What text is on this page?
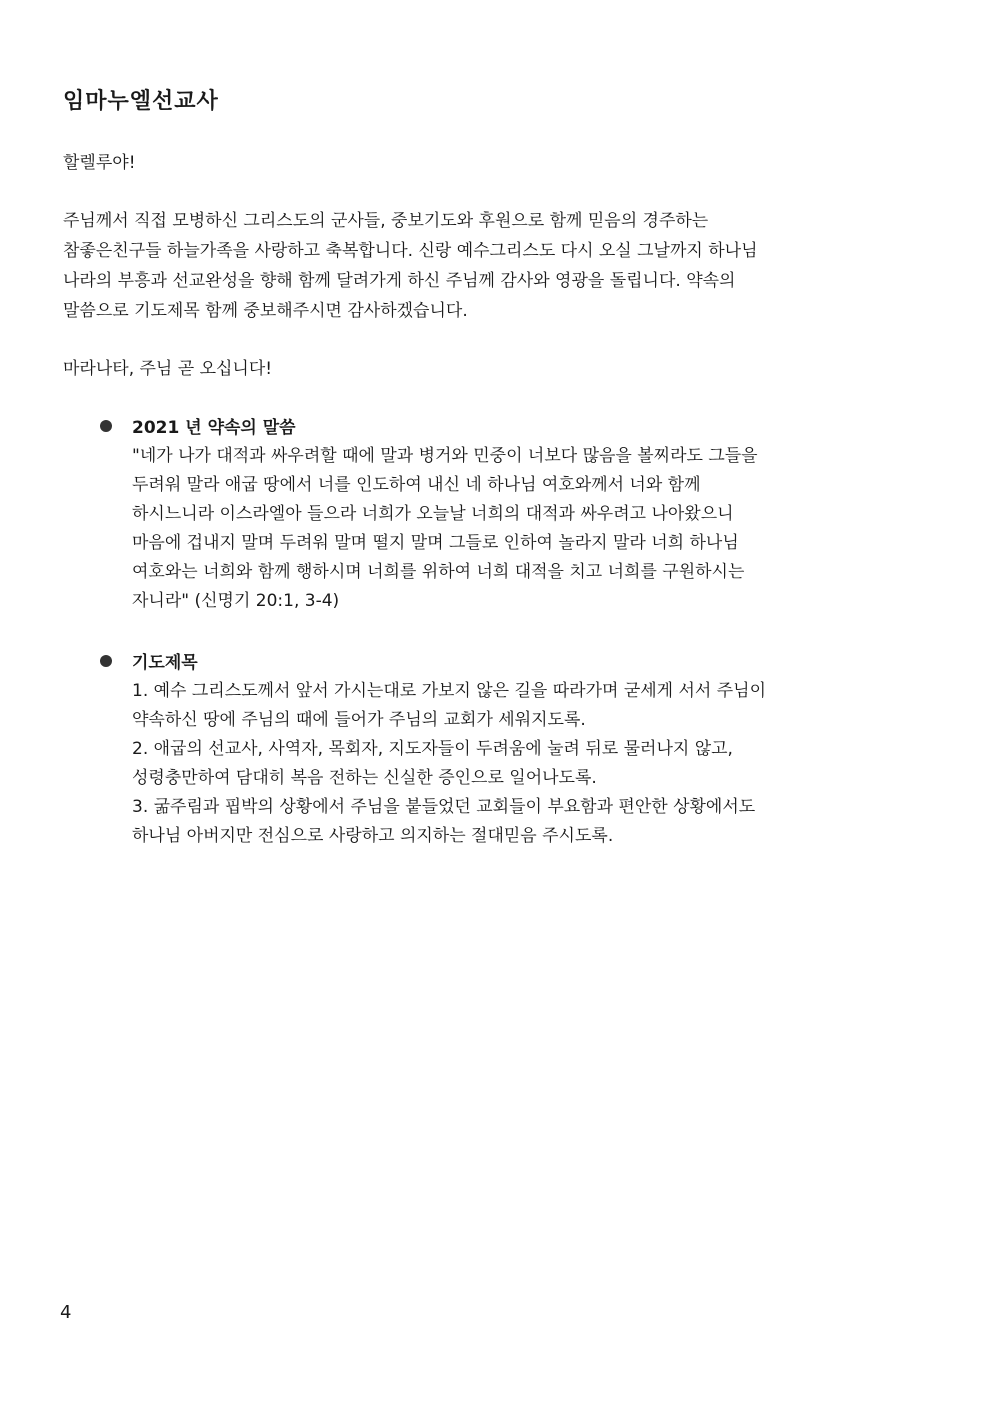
임마누엘선교사

할렐루야!

주님께서 직접 모병하신 그리스도의 군사들, 중보기도와 후원으로 함께 믿음의 경주하는
참좋은친구들 하늘가족을 사랑하고 축복합니다. 신랑 예수그리스도 다시 오실 그날까지 하나님
나라의 부흥과 선교완성을 향해 함께 달려가게 하신 주님께 감사와 영광을 돌립니다. 약속의
말씀으로 기도제목 함께 중보해주시면 감사하겠습니다.

마라나타, 주님 곧 오십니다!

2021 년 약속의 말씀

"네가 나가 대적과 싸우려할 때에 말과 병거와 민중이 너보다 많음을 볼찌라도 그들을
두려워 말라 애굽 땅에서 너를 인도하여 내신 네 하나님 여호와께서 너와 함께
하시느니라 이스라엘아 들으라 너희가 오늘날 너희의 대적과 싸우려고 나아왔으니
마음에 겁내지 말며 두려워 말며 떨지 말며 그들로 인하여 놀라지 말라 너희 하나님
여호와는 너희와 함께 행하시며 너희를 위하여 너희 대적을 치고 너희를 구원하시는
자니라" (신명기 20:1, 3-4)

기도제목

1. 예수 그리스도께서 앞서 가시는대로 가보지 않은 길을 따라가며 굳세게 서서 주님이
약속하신 땅에 주님의 때에 들어가 주님의 교회가 세워지도록.
2. 애굽의 선교사, 사역자, 목회자, 지도자들이 두려움에 눌려 뒤로 물러나지 않고,
성령충만하여 담대히 복음 전하는 신실한 증인으로 일어나도록.
3. 굶주림과 핍박의 상황에서 주님을 붙들었던 교회들이 부요함과 편안한 상황에서도
하나님 아버지만 전심으로 사랑하고 의지하는 절대믿음 주시도록.

4
